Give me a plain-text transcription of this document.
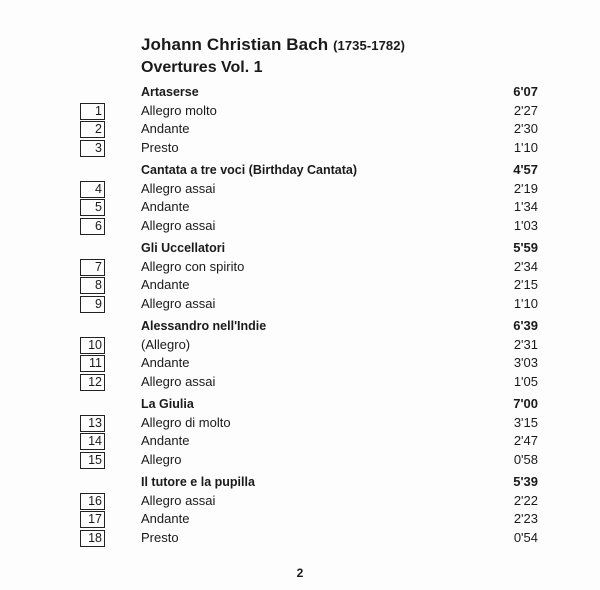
Johann Christian Bach (1735-1782)
Overtures Vol. 1
Artaserse	6'07
1	Allegro molto	2'27
2	Andante	2'30
3	Presto	1'10
Cantata a tre voci (Birthday Cantata)	4'57
4	Allegro assai	2'19
5	Andante	1'34
6	Allegro assai	1'03
Gli Uccellatori	5'59
7	Allegro con spirito	2'34
8	Andante	2'15
9	Allegro assai	1'10
Alessandro nell'Indie	6'39
10	(Allegro)	2'31
11	Andante	3'03
12	Allegro assai	1'05
La Giulia	7'00
13	Allegro di molto	3'15
14	Andante	2'47
15	Allegro	0'58
Il tutore e la pupilla	5'39
16	Allegro assai	2'22
17	Andante	2'23
18	Presto	0'54
2
